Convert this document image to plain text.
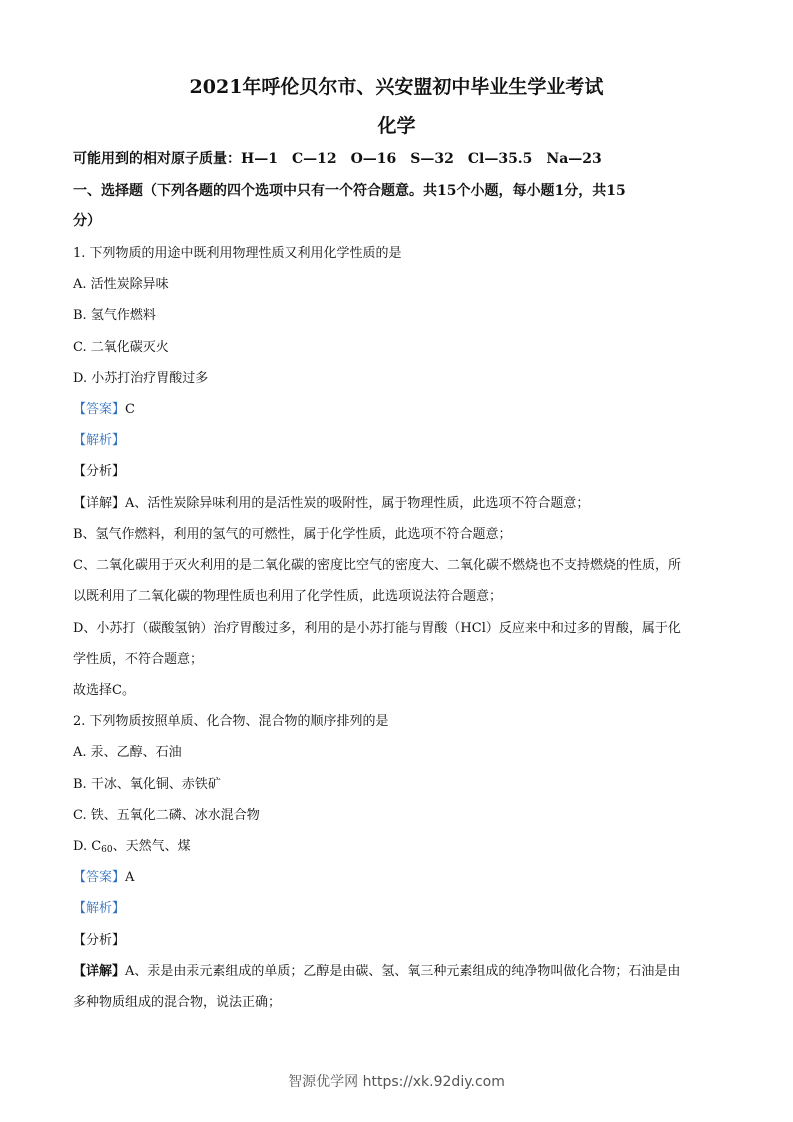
2021年呼伦贝尔市、兴安盟初中毕业生学业考试
化学
可能用到的相对原子质量：H—1　C—12　O—16　S—32　Cl—35.5　Na—23
一、选择题（下列各题的四个选项中只有一个符合题意。共15个小题，每小题1分，共15
分）
1. 下列物质的用途中既利用物理性质又利用化学性质的是
A. 活性炭除异味
B. 氢气作燃料
C. 二氧化碳灭火
D. 小苏打治疗胃酸过多
【答案】C
【解析】
【分析】
【详解】A、活性炭除异味利用的是活性炭的吸附性，属于物理性质，此选项不符合题意；
B、氢气作燃料，利用的氢气的可燃性，属于化学性质，此选项不符合题意；
C、二氧化碳用于灭火利用的是二氧化碳的密度比空气的密度大、二氧化碳不燃烧也不支持燃烧的性质，所
以既利用了二氧化碳的物理性质也利用了化学性质，此选项说法符合题意；
D、小苏打（碳酸氢钠）治疗胃酸过多，利用的是小苏打能与胃酸（HCl）反应来中和过多的胃酸，属于化
学性质，不符合题意；
故选择C。
2. 下列物质按照单质、化合物、混合物的顺序排列的是
A. 汞、乙醇、石油
B. 干冰、氧化铜、赤铁矿
C. 铁、五氧化二磷、冰水混合物
D. $C_{60}$、天然气、煤
【答案】A
【解析】
【分析】
【详解】A、汞是由汞元素组成的单质；乙醇是由碳、氢、氧三种元素组成的纯净物叫做化合物；石油是由
多种物质组成的混合物，说法正确；
智源优学网 https://xk.92diy.com
